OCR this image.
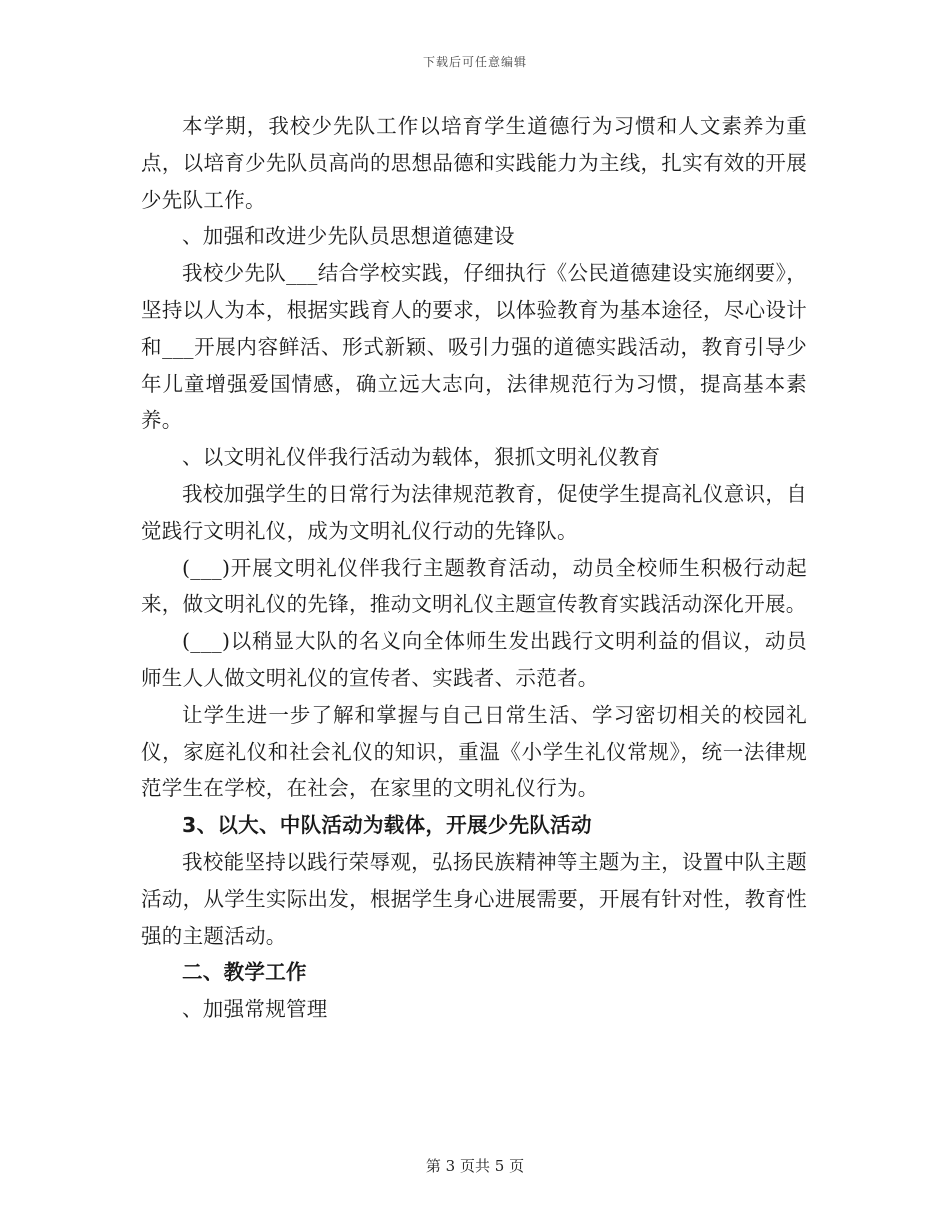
下载后可任意编辑

本学期，我校少先队工作以培育学生道德行为习惯和人文素养为重点，以培育少先队员高尚的思想品德和实践能力为主线，扎实有效的开展少先队工作。

、加强和改进少先队员思想道德建设

我校少先队___结合学校实践，仔细执行《公民道德建设实施纲要》，坚持以人为本，根据实践育人的要求，以体验教育为基本途径，尽心设计和___开展内容鲜活、形式新颖、吸引力强的道德实践活动，教育引导少年儿童增强爱国情感，确立远大志向，法律规范行为习惯，提高基本素养。

、以文明礼仪伴我行活动为载体，狠抓文明礼仪教育

我校加强学生的日常行为法律规范教育，促使学生提高礼仪意识，自觉践行文明礼仪，成为文明礼仪行动的先锋队。

(___)开展文明礼仪伴我行主题教育活动，动员全校师生积极行动起来，做文明礼仪的先锋，推动文明礼仪主题宣传教育实践活动深化开展。

(___)以稍显大队的名义向全体师生发出践行文明利益的倡议，动员师生人人做文明礼仪的宣传者、实践者、示范者。

让学生进一步了解和掌握与自己日常生活、学习密切相关的校园礼仪，家庭礼仪和社会礼仪的知识，重温《小学生礼仪常规》，统一法律规范学生在学校，在社会，在家里的文明礼仪行为。

3、以大、中队活动为载体，开展少先队活动

我校能坚持以践行荣辱观，弘扬民族精神等主题为主，设置中队主题活动，从学生实际出发，根据学生身心进展需要，开展有针对性，教育性强的主题活动。

二、教学工作

、加强常规管理

第 3 页共 5 页
